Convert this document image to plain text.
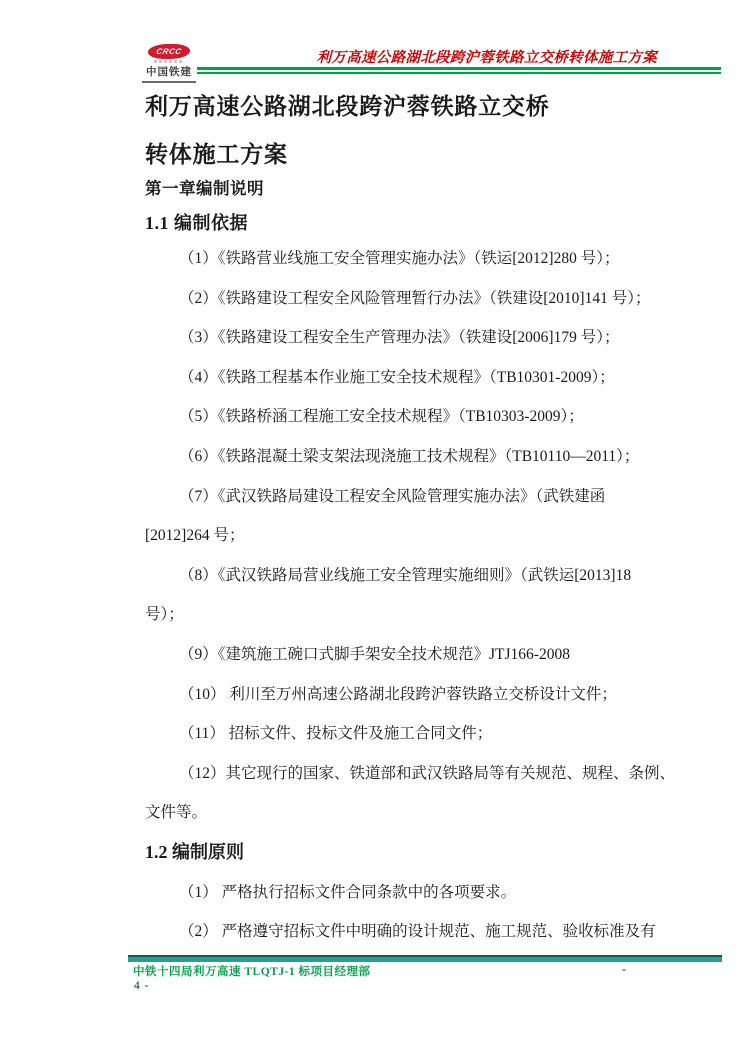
CRCC
中国铁建
利万高速公路湖北段跨沪蓉铁路立交桥转体施工方案
利万高速公路湖北段跨沪蓉铁路立交桥
转体施工方案
第一章编制说明
1.1 编制依据
（1）《铁路营业线施工安全管理实施办法》（铁运[2012]280 号）；
（2）《铁路建设工程安全风险管理暂行办法》（铁建设[2010]141 号）；
（3）《铁路建设工程安全生产管理办法》（铁建设[2006]179 号）；
（4）《铁路工程基本作业施工安全技术规程》（TB10301-2009）；
（5）《铁路桥涵工程施工安全技术规程》（TB10303-2009）；
（6）《铁路混凝土梁支架法现浇施工技术规程》（TB10110—2011）；
（7）《武汉铁路局建设工程安全风险管理实施办法》（武铁建函
[2012]264 号；
（8）《武汉铁路局营业线施工安全管理实施细则》（武铁运[2013]18
号）；
（9）《建筑施工碗口式脚手架安全技术规范》JTJ166-2008
（10） 利川至万州高速公路湖北段跨沪蓉铁路立交桥设计文件；
（11） 招标文件、投标文件及施工合同文件；
（12）其它现行的国家、铁道部和武汉铁路局等有关规范、规程、条例、
文件等。
1.2 编制原则
（1） 严格执行招标文件合同条款中的各项要求。
（2） 严格遵守招标文件中明确的设计规范、施工规范、验收标准及有
中铁十四局利万高速 TLQTJ-1 标项目经理部	-
4 -
